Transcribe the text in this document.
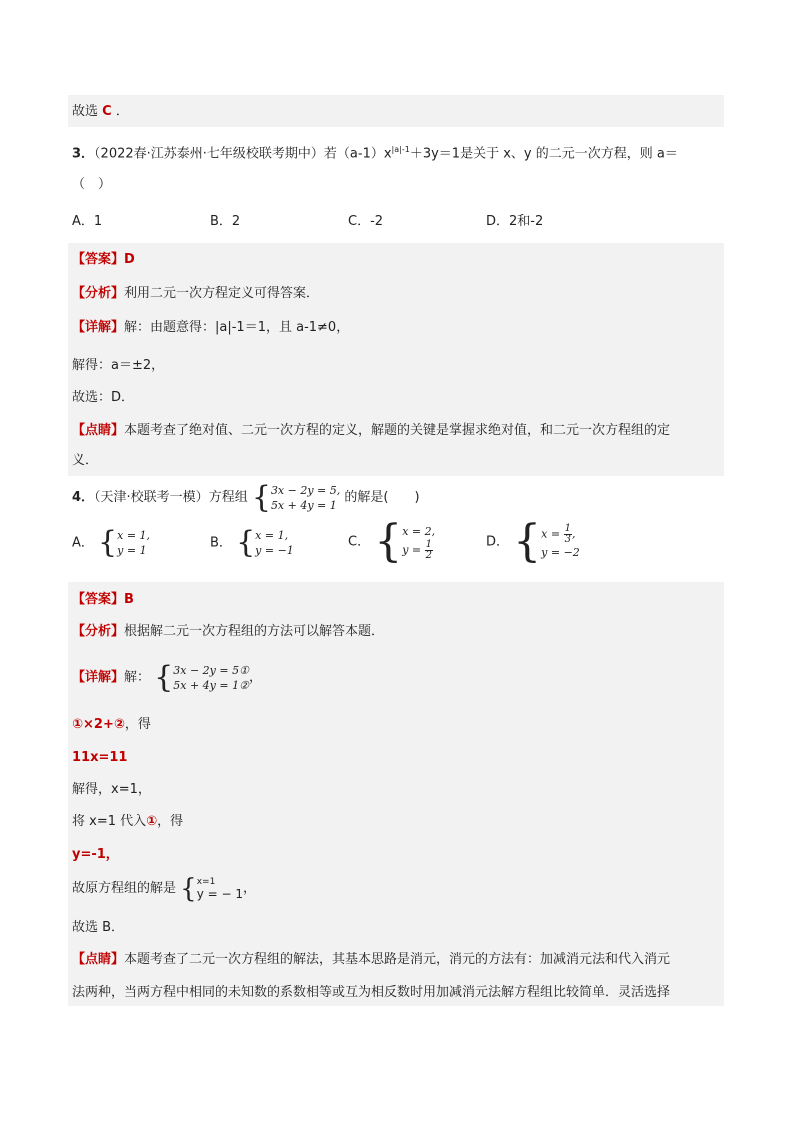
故选 C ．
3．（2022春·江苏泰州·七年级校联考期中）若$(a-1)x^{|a|-1}+3y=1$是关于 x、y 的二元一次方程，则 a＝
（　）
A．1	B．2	C．-2	D．2和-2
【答案】D
【分析】利用二元一次方程定义可得答案．
【详解】解：由题意得：|a|-1＝1，且 a-1≠0，
解得：a＝±2，
故选：D．
【点睛】本题考查了绝对值、二元一次方程的定义，解题的关键是掌握求绝对值，和二元一次方程组的定
义．
4．（天津·校联考一模）方程组 { 3x − 2y = 5,
5x + 4y = 1 的解是(　　)
A． { x = 1,
y = 1	B． { x = 1,
y = −1
C． { x = 2,
$y = \frac{1}{2}$	D． { $x = \frac{1}{3}$ ,
y = −2
【答案】B
【分析】根据解二元一次方程组的方法可以解答本题．
【详解】解： { 3x − 2y = 5①
5x + 4y = 1② ，
①×2+②，得
11x=11
解得，x=1，
将 x=1 代入①，得
y=-1，
故原方程组的解是 { x=1
y = − 1 ，
故选 B．
【点睛】本题考查了二元一次方程组的解法，其基本思路是消元，消元的方法有：加减消元法和代入消元
法两种，当两方程中相同的未知数的系数相等或互为相反数时用加减消元法解方程组比较简单．灵活选择
